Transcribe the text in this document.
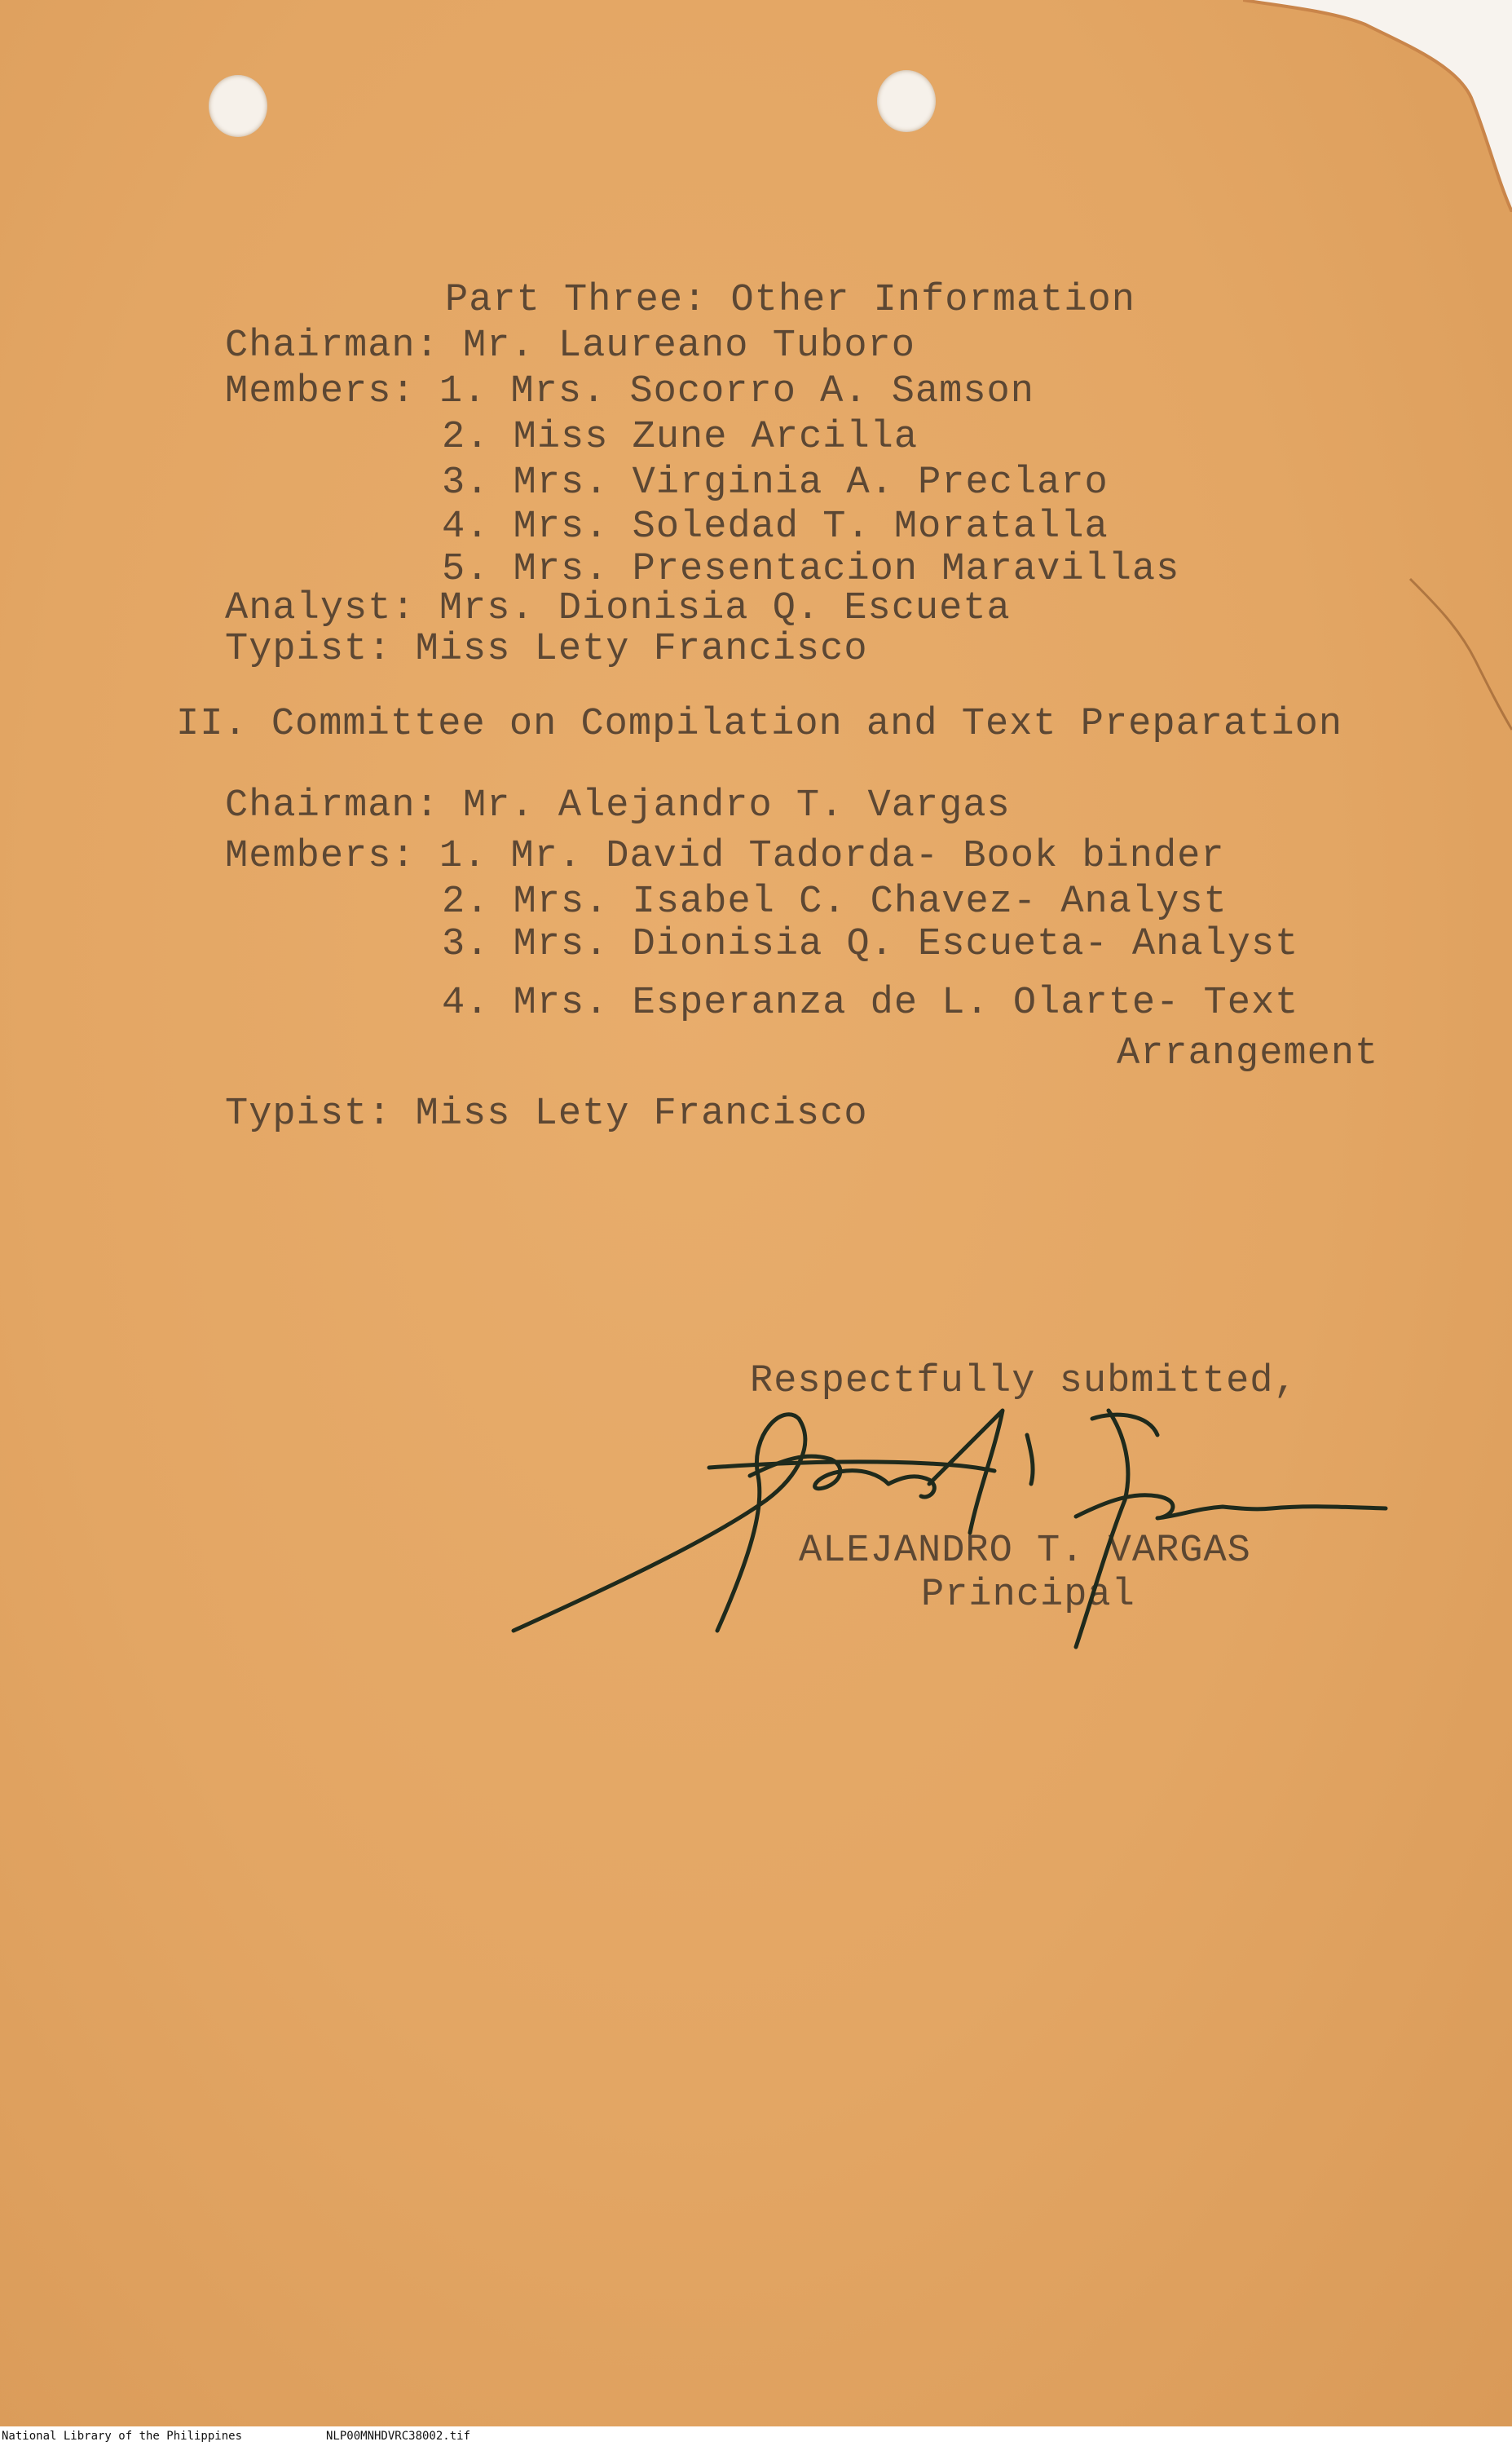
Part Three: Other Information
Chairman: Mr. Laureano Tuboro
Members: 1. Mrs. Socorro A. Samson
2. Miss Zune Arcilla
3. Mrs. Virginia A. Preclaro
4. Mrs. Soledad T. Moratalla
5. Mrs. Presentacion Maravillas
Analyst: Mrs. Dionisia Q. Escueta
Typist: Miss Lety Francisco
II. Committee on Compilation and Text Preparation
Chairman: Mr. Alejandro T. Vargas
Members: 1. Mr. David Tadorda- Book binder
2. Mrs. Isabel C. Chavez- Analyst
3. Mrs. Dionisia Q. Escueta- Analyst
4. Mrs. Esperanza de L. Olarte- Text
Arrangement
Typist: Miss Lety Francisco
Respectfully submitted,
ALEJANDRO T. VARGAS
Principal
National Library of the Philippines	NLP00MNHDVRC38002.tif
